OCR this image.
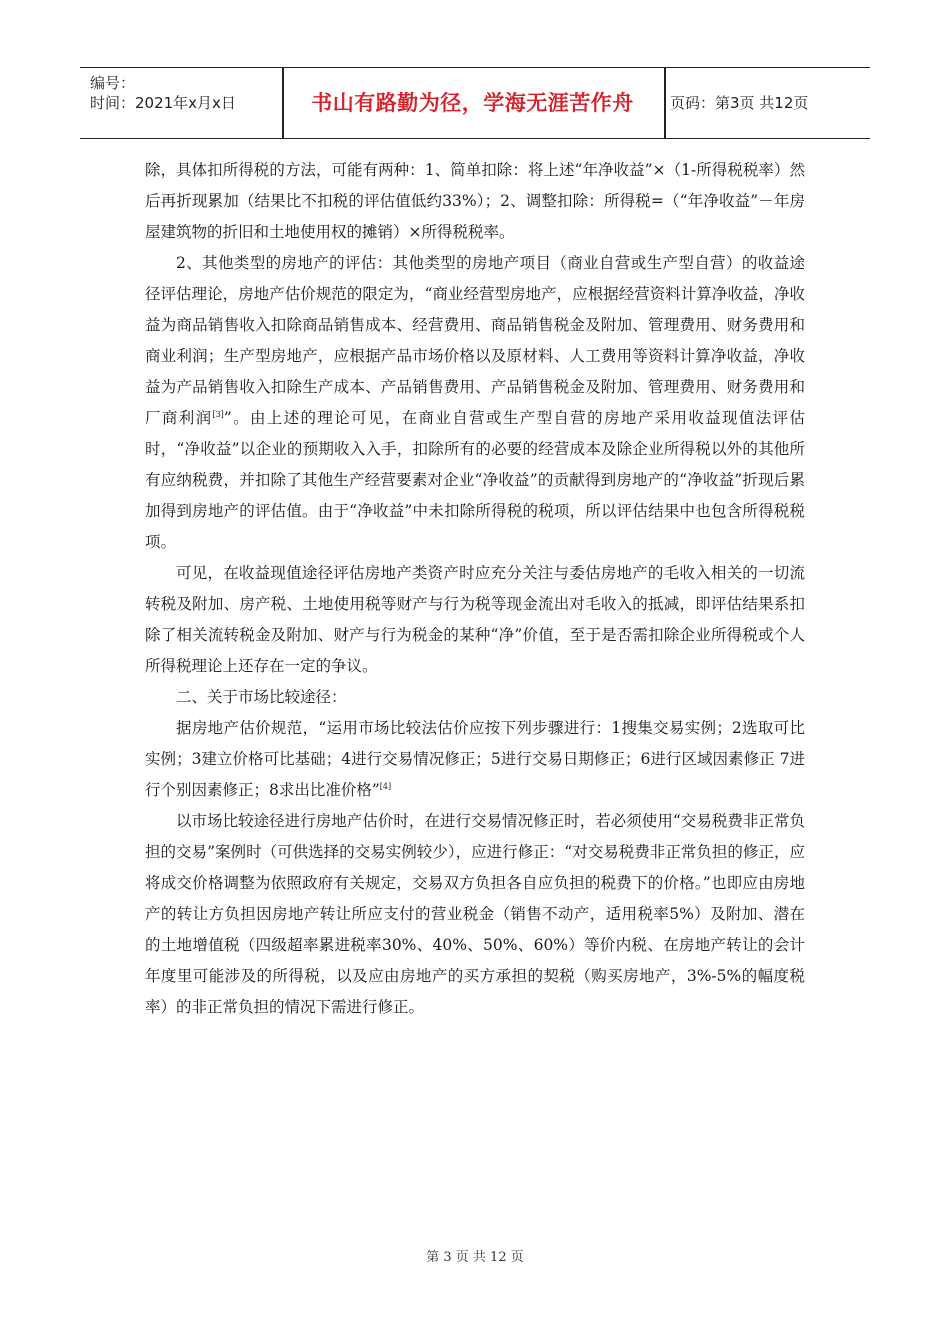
编号：
时间：2021年x月x日	书山有路勤为径，学海无涯苦作舟	页码：第3页 共12页

除，具体扣所得税的方法，可能有两种：1、简单扣除：将上述“年净收益”×（1-所得税税率）然后再折现累加（结果比不扣税的评估值低约33%）；2、调整扣除：所得税=（“年净收益”－年房屋建筑物的折旧和土地使用权的摊销）×所得税税率。

2、其他类型的房地产的评估：其他类型的房地产项目（商业自营或生产型自营）的收益途径评估理论，房地产估价规范的限定为，“商业经营型房地产，应根据经营资料计算净收益，净收益为商品销售收入扣除商品销售成本、经营费用、商品销售税金及附加、管理费用、财务费用和商业利润；生产型房地产，应根据产品市场价格以及原材料、人工费用等资料计算净收益，净收益为产品销售收入扣除生产成本、产品销售费用、产品销售税金及附加、管理费用、财务费用和厂商利润[3]”。由上述的理论可见，在商业自营或生产型自营的房地产采用收益现值法评估时，“净收益”以企业的预期收入入手，扣除所有的必要的经营成本及除企业所得税以外的其他所有应纳税费，并扣除了其他生产经营要素对企业“净收益”的贡献得到房地产的“净收益”折现后累加得到房地产的评估值。由于“净收益”中未扣除所得税的税项，所以评估结果中也包含所得税税项。

可见，在收益现值途径评估房地产类资产时应充分关注与委估房地产的毛收入相关的一切流转税及附加、房产税、土地使用税等财产与行为税等现金流出对毛收入的抵减，即评估结果系扣除了相关流转税金及附加、财产与行为税金的某种“净”价值，至于是否需扣除企业所得税或个人所得税理论上还存在一定的争议。

二、关于市场比较途径：

据房地产估价规范，“运用市场比较法估价应按下列步骤进行：1搜集交易实例；2选取可比实例；3建立价格可比基础；4进行交易情况修正；5进行交易日期修正；6进行区域因素修正 7进行个别因素修正；8求出比准价格”[4]

以市场比较途径进行房地产估价时，在进行交易情况修正时，若必须使用“交易税费非正常负担的交易”案例时（可供选择的交易实例较少），应进行修正：“对交易税费非正常负担的修正，应将成交价格调整为依照政府有关规定，交易双方负担各自应负担的税费下的价格。”也即应由房地产的转让方负担因房地产转让所应支付的营业税金（销售不动产，适用税率5%）及附加、潜在的土地增值税（四级超率累进税率30%、40%、50%、60%）等价内税、在房地产转让的会计年度里可能涉及的所得税，以及应由房地产的买方承担的契税（购买房地产，3%-5%的幅度税率）的非正常负担的情况下需进行修正。

第 3 页 共 12 页
